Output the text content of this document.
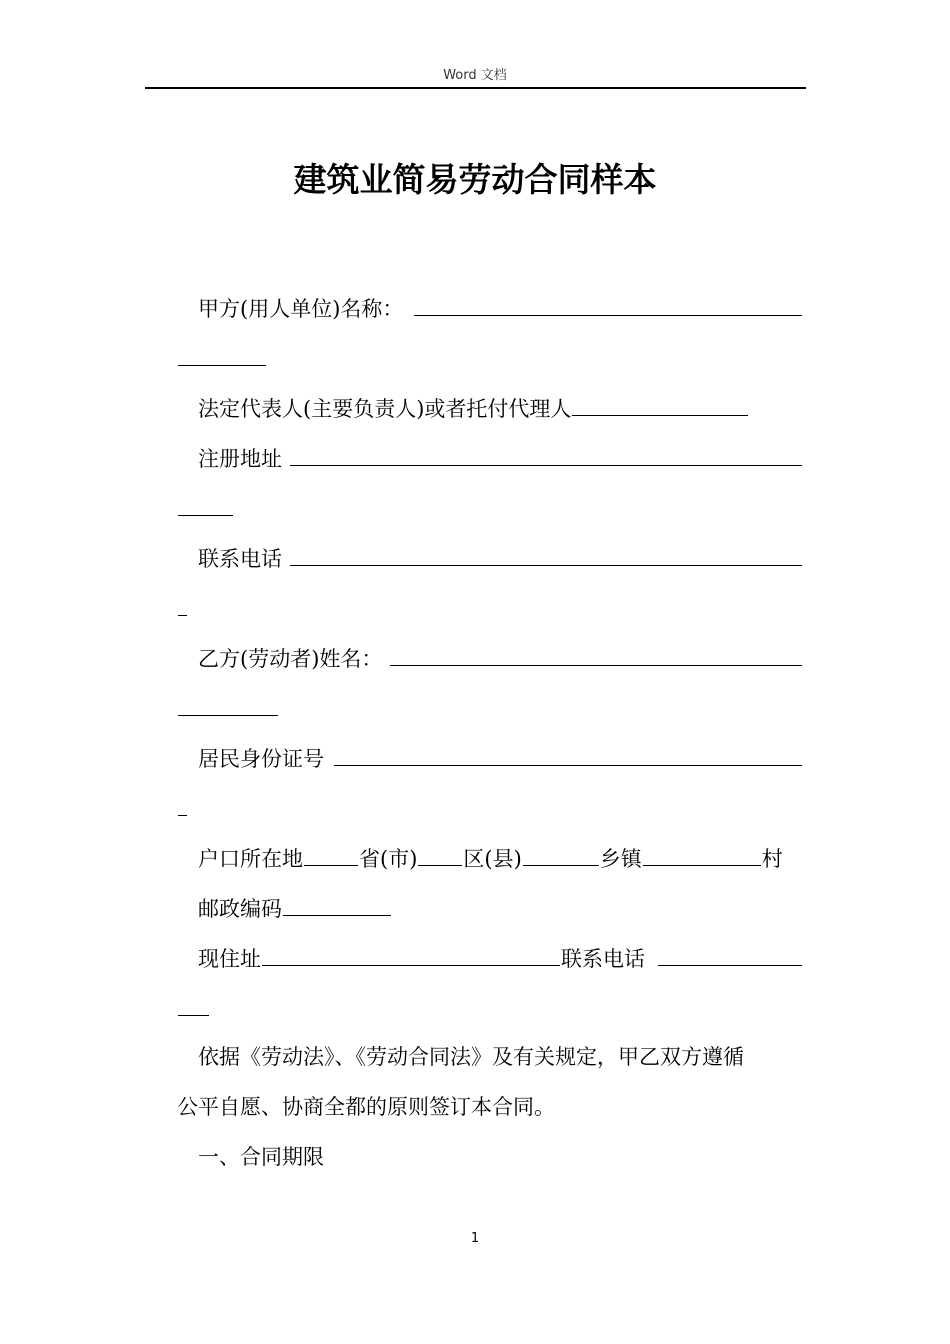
Word 文档
建筑业简易劳动合同样本
甲方(用人单位)名称：
法定代表人(主要负责人)或者托付代理人
注册地址
联系电话
乙方(劳动者)姓名：
居民身份证号
户口所在地	省(市) 区(县)	乡镇	村
邮政编码
现住址	联系电话
依据《劳动法》、《劳动合同法》及有关规定，甲乙双方遵循
公平自愿、协商全都的原则签订本合同。
一、合同期限
1
